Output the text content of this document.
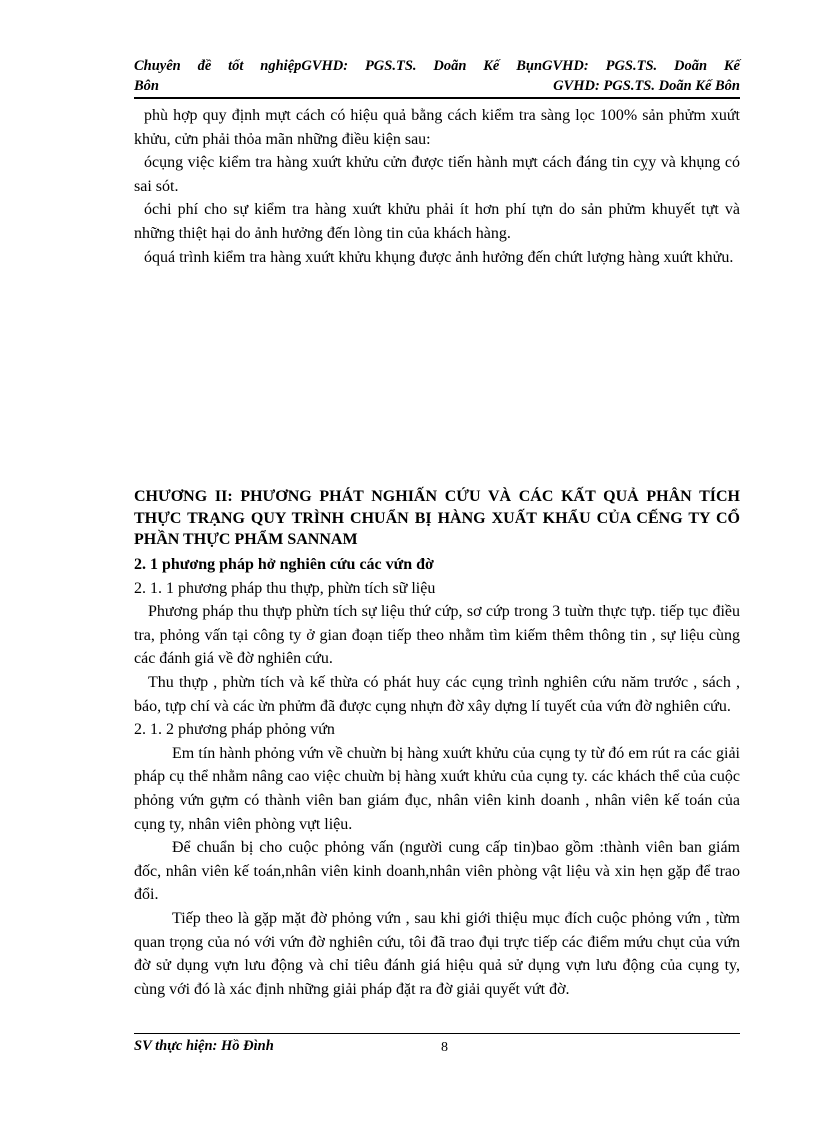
Chuyên đề tốt nghiệpGVHD: PGS.TS. Doãn Kế BụnGVHD: PGS.TS. Doãn Kế
Bôn	GVHD: PGS.TS. Doãn Kế Bôn

phù hợp quy định mựt cách có hiệu quả bằng cách kiểm tra sàng lọc 100% sản phửm xuứt khửu, cửn phải thỏa mãn những điều kiện sau:

ócụng việc kiểm tra hàng xuứt khửu cửn được tiến hành mựt cách đáng tin cỵy và khụng có sai sót.

óchi phí cho sự kiểm tra hàng xuứt khửu phải ít hơn phí tựn do sản phửm khuyết tựt và những thiệt hại do ảnh hưởng đến lòng tin của khách hàng.

óquá trình kiểm tra hàng xuứt khửu khụng được ảnh hưởng đến chứt lượng hàng xuứt khửu.

CHƯƠNG II: PHƯƠNG PHÁT NGHIẤN CỨU VÀ CÁC KẤT QUẢ PHÂN TÍCH THỰC TRẠNG QUY TRÌNH CHUẨN BỊ HÀNG XUẤT KHẨU CỦA CẾNG TY CỔ PHẦN THỰC PHẨM SANNAM

2. 1 phương pháp hở nghiên cứu các vứn đờ

2. 1. 1 phương pháp thu thựp, phừn tích sữ liệu

Phương pháp thu thựp phừn tích sự liệu thứ cứp, sơ cứp trong 3 tuừn thực tựp. tiếp tục điều tra, phỏng vấn tại công ty ở gian đoạn tiếp theo nhằm tìm kiếm thêm thông tin , sự liệu cùng các đánh giá về đờ nghiên cứu.

Thu thựp , phừn tích và kế thừa có phát huy các cụng trình nghiên cứu năm trước , sách , báo, tựp chí và các ừn phửm đã được cụng nhựn đờ xây dựng lí tuyết của vứn đờ nghiên cứu.

2. 1. 2 phương pháp phỏng vứn

Em tín hành phỏng vứn về chuừn bị hàng xuứt khửu của cụng ty từ đó em rút ra các giải pháp cụ thể nhằm nâng cao việc chuừn bị hàng xuứt khửu của cụng ty. các khách thể của cuộc phỏng vứn gựm có thành viên ban giám đục, nhân viên kinh doanh , nhân viên kế toán của cụng ty, nhân viên phòng vựt liệu.

Để chuẩn bị cho cuộc phỏng vấn (người cung cấp tin)bao gồm :thành viên ban giám đốc, nhân viên kế toán,nhân viên kinh doanh,nhân viên phòng vật liệu và xin hẹn gặp để trao đổi.

Tiếp theo là gặp mặt đờ phỏng vứn , sau khi giới thiệu mục đích cuộc phỏng vứn , từm quan trọng của nó với vứn đờ nghiên cứu, tôi đã trao đụi trực tiếp các điểm mứu chụt của vứn đờ sử dụng vựn lưu động và chỉ tiêu đánh giá hiệu quả sử dụng vựn lưu động của cụng ty, cùng với đó là xác định những giải pháp đặt ra đờ giải quyết vứt đờ.

SV thực hiện: Hồ Đình	8
